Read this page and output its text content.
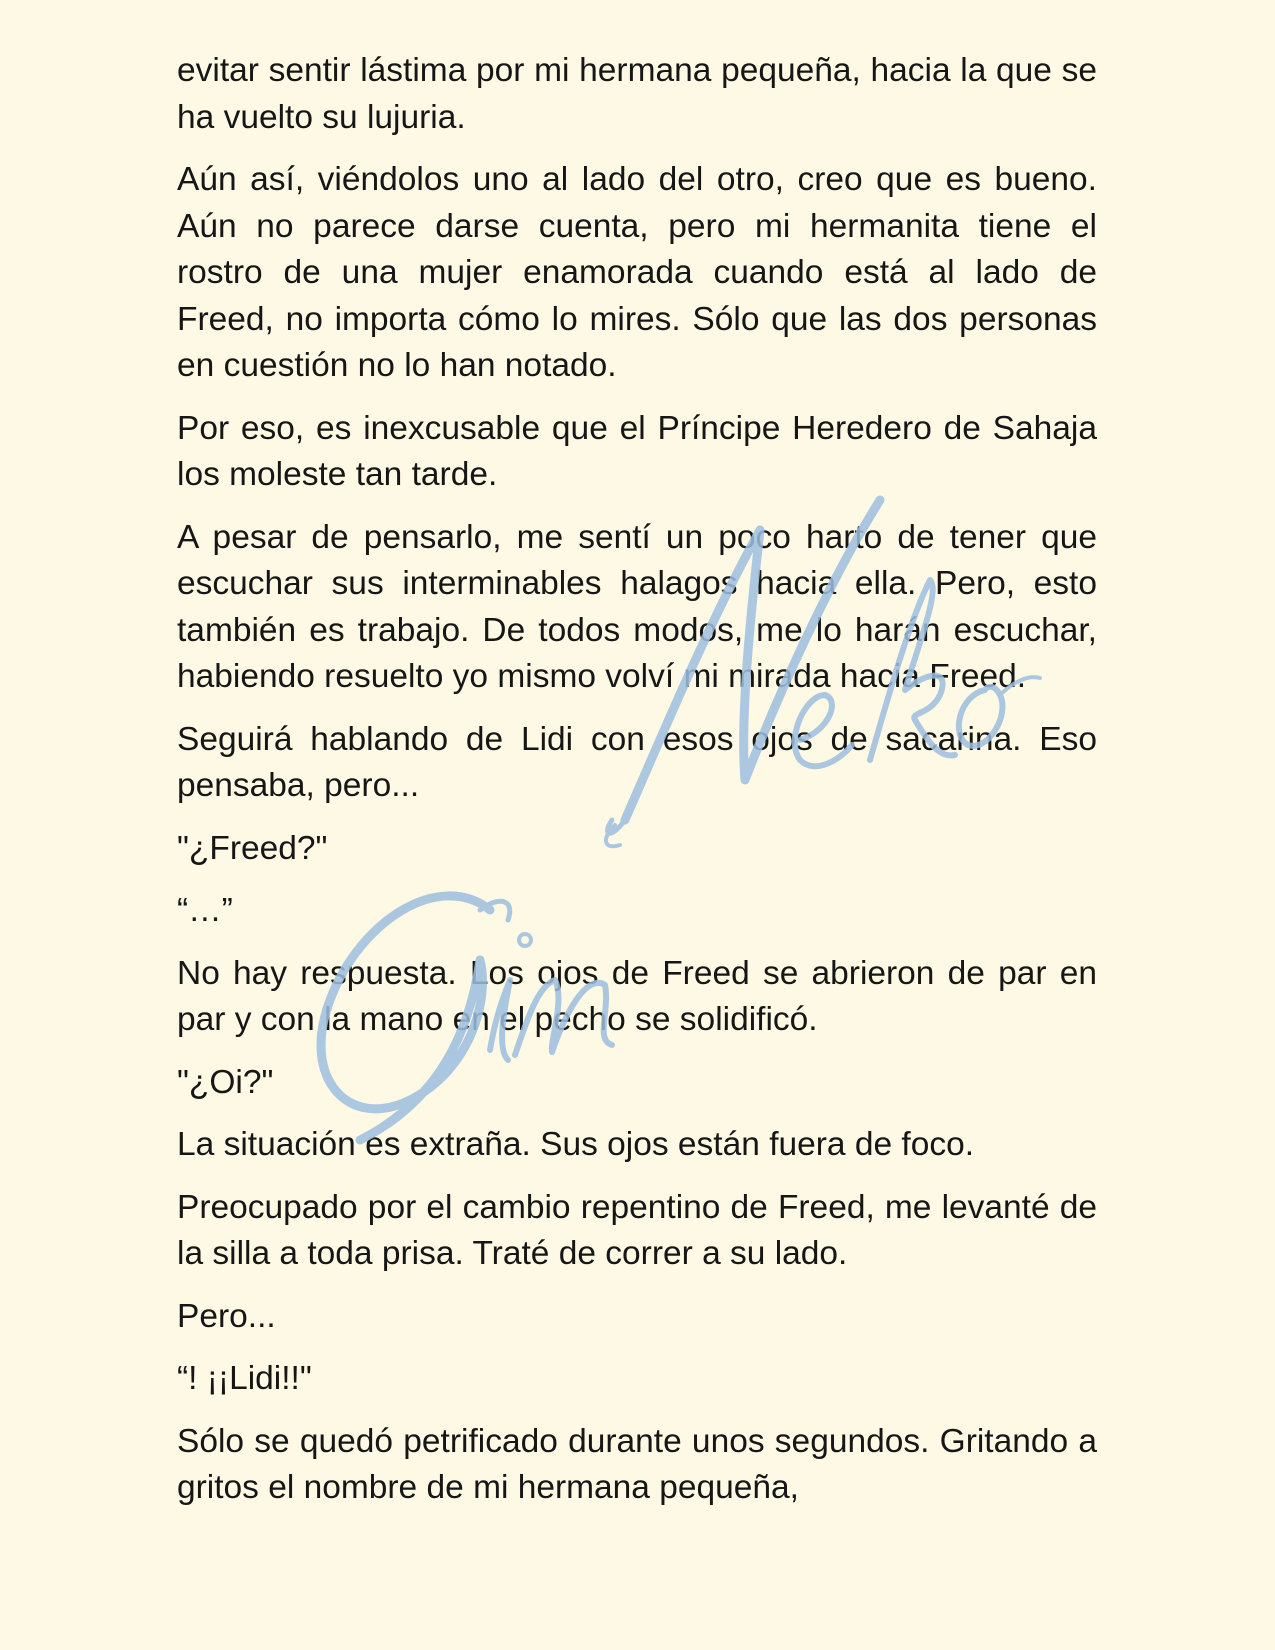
evitar sentir lástima por mi hermana pequeña, hacia la que se ha vuelto su lujuria.

Aún así, viéndolos uno al lado del otro, creo que es bueno. Aún no parece darse cuenta, pero mi hermanita tiene el rostro de una mujer enamorada cuando está al lado de Freed, no importa cómo lo mires. Sólo que las dos personas en cuestión no lo han notado.

Por eso, es inexcusable que el Príncipe Heredero de Sahaja los moleste tan tarde.

A pesar de pensarlo, me sentí un poco harto de tener que escuchar sus interminables halagos hacia ella. Pero, esto también es trabajo. De todos modos, me lo harán escuchar, habiendo resuelto yo mismo volví mi mirada hacia Freed.

Seguirá hablando de Lidi con esos ojos de sacarina. Eso pensaba, pero...

"¿Freed?"

“…”

No hay respuesta. Los ojos de Freed se abrieron de par en par y con la mano en el pecho se solidificó.

"¿Oi?"

La situación es extraña. Sus ojos están fuera de foco.

Preocupado por el cambio repentino de Freed, me levanté de la silla a toda prisa. Traté de correr a su lado.

Pero...

“! ¡¡Lidi!!"

Sólo se quedó petrificado durante unos segundos. Gritando a gritos el nombre de mi hermana pequeña,
